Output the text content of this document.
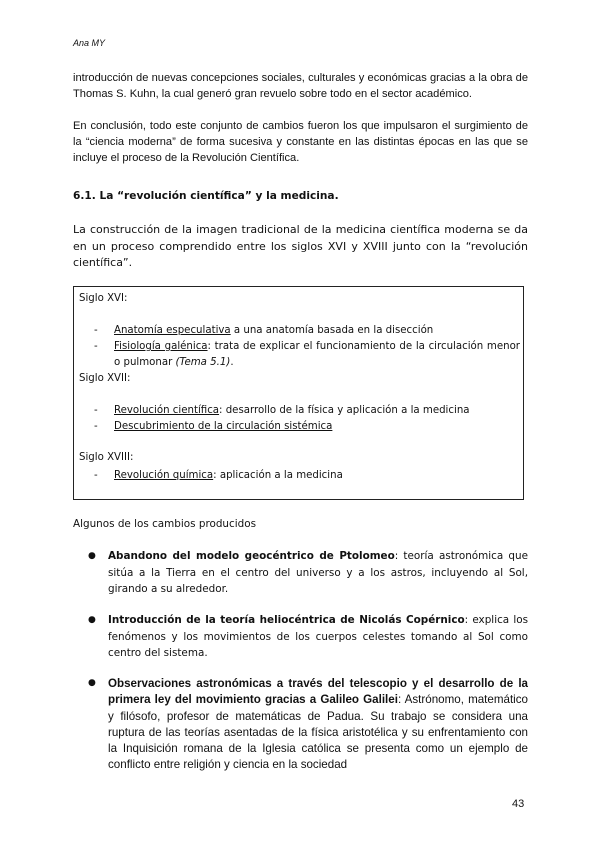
Ana MY
introducción de nuevas concepciones sociales, culturales y económicas gracias a la obra de Thomas S. Kuhn, la cual generó gran revuelo sobre todo en el sector académico.
En conclusión, todo este conjunto de cambios fueron los que impulsaron el surgimiento de la “ciencia moderna” de forma sucesiva y constante en las distintas épocas en las que se incluye el proceso de la Revolución Científica.
6.1. La “revolución científica” y la medicina.
La construcción de la imagen tradicional de la medicina científica moderna se da en un proceso comprendido entre los siglos XVI y XVIII junto con la “revolución científica”.
Siglo XVI:
- Anatomía especulativa a una anatomía basada en la disección
- Fisiología galénica: trata de explicar el funcionamiento de la circulación menor o pulmonar (Tema 5.1).
Siglo XVII:
- Revolución científica: desarrollo de la física y aplicación a la medicina
- Descubrimiento de la circulación sistémica
Siglo XVIII:
- Revolución química: aplicación a la medicina
Algunos de los cambios producidos
● Abandono del modelo geocéntrico de Ptolomeo: teoría astronómica que sitúa a la Tierra en el centro del universo y a los astros, incluyendo al Sol, girando a su alrededor.
● Introducción de la teoría heliocéntrica de Nicolás Copérnico: explica los fenómenos y los movimientos de los cuerpos celestes tomando al Sol como centro del sistema.
● Observaciones astronómicas a través del telescopio y el desarrollo de la primera ley del movimiento gracias a Galileo Galilei: Astrónomo, matemático y filósofo, profesor de matemáticas de Padua. Su trabajo se considera una ruptura de las teorías asentadas de la física aristotélica y su enfrentamiento con la Inquisición romana de la Iglesia católica se presenta como un ejemplo de conflicto entre religión y ciencia en la sociedad
43
